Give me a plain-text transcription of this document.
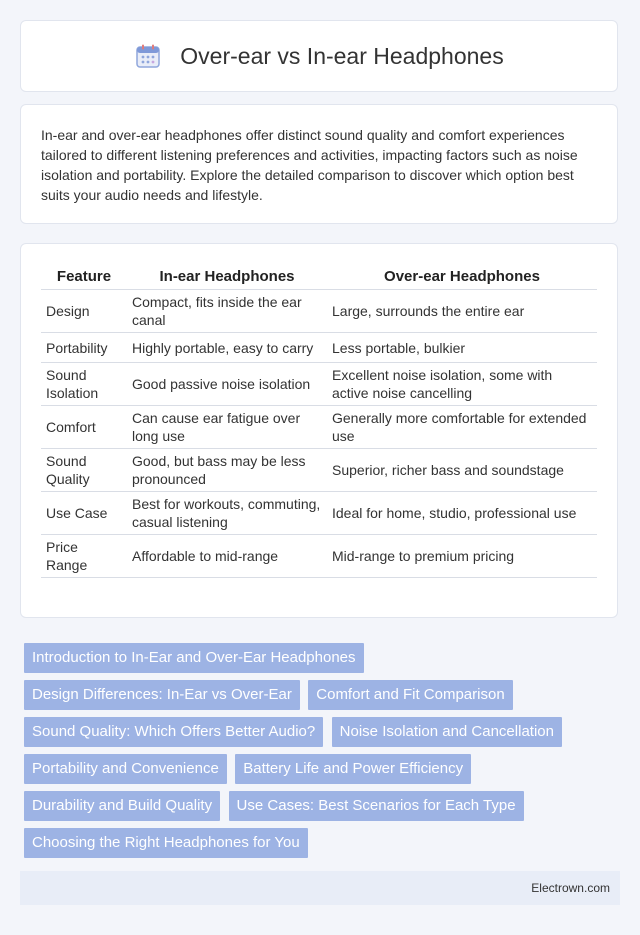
Over-ear vs In-ear Headphones

In-ear and over-ear headphones offer distinct sound quality and comfort experiences tailored to different listening preferences and activities, impacting factors such as noise isolation and portability. Explore the detailed comparison to discover which option best suits your audio needs and lifestyle.

Feature	In-ear Headphones	Over-ear Headphones
Design	Compact, fits inside the ear canal	Large, surrounds the entire ear
Portability	Highly portable, easy to carry	Less portable, bulkier
Sound Isolation	Good passive noise isolation	Excellent noise isolation, some with active noise cancelling
Comfort	Can cause ear fatigue over long use	Generally more comfortable for extended use
Sound Quality	Good, but bass may be less pronounced	Superior, richer bass and soundstage
Use Case	Best for workouts, commuting, casual listening	Ideal for home, studio, professional use
Price Range	Affordable to mid-range	Mid-range to premium pricing
Introduction to In-Ear and Over-Ear Headphones Design Differences: In-Ear vs Over-Ear Comfort and Fit Comparison Sound Quality: Which Offers Better Audio? Noise Isolation and Cancellation Portability and Convenience Battery Life and Power Efficiency Durability and Build Quality Use Cases: Best Scenarios for Each Type Choosing the Right Headphones for You
Electrown.com
